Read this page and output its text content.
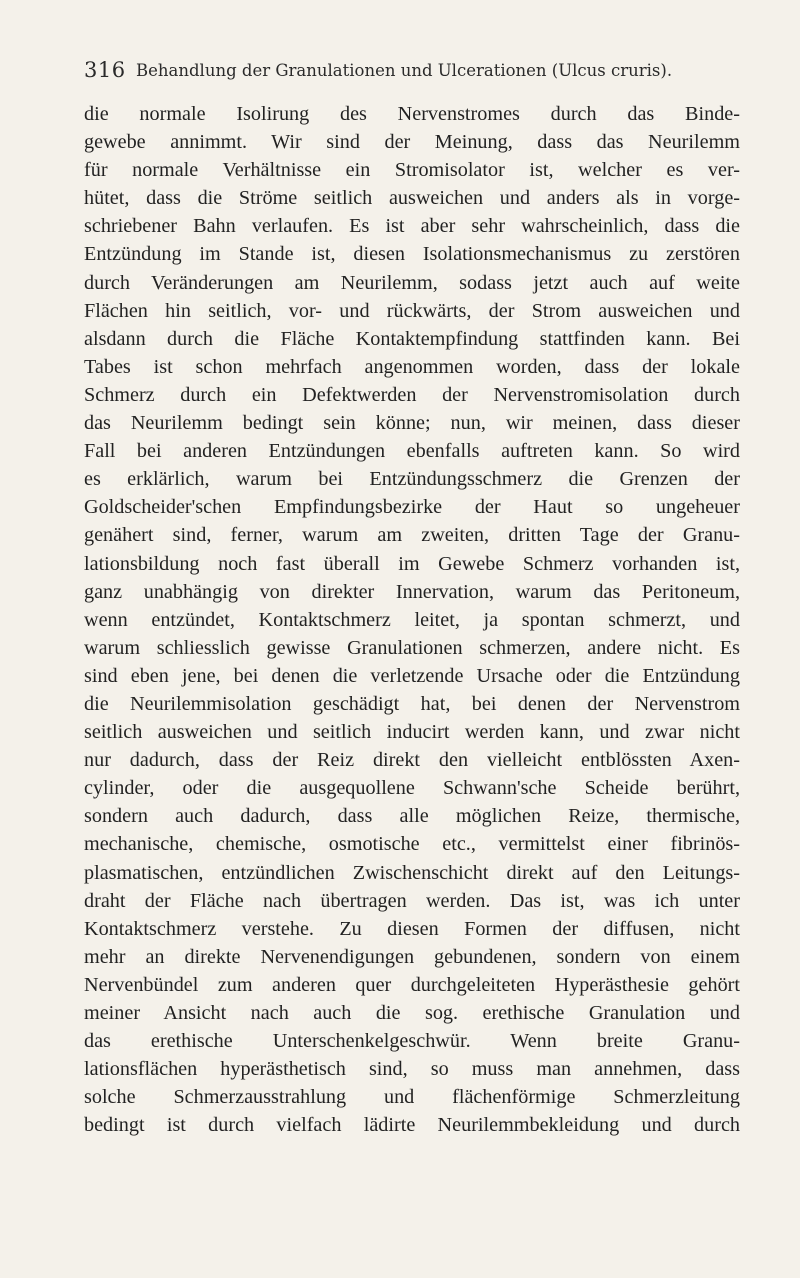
316 Behandlung der Granulationen und Ulcerationen (Ulcus cruris).
die normale Isolirung des Nervenstromes durch das Binde-
gewebe annimmt. Wir sind der Meinung, dass das Neurilemm
für normale Verhältnisse ein Stromisolator ist, welcher es ver-
hütet, dass die Ströme seitlich ausweichen und anders als in vorge-
schriebener Bahn verlaufen. Es ist aber sehr wahrscheinlich, dass die
Entzündung im Stande ist, diesen Isolationsmechanismus zu zerstören
durch Veränderungen am Neurilemm, sodass jetzt auch auf weite
Flächen hin seitlich, vor- und rückwärts, der Strom ausweichen und
alsdann durch die Fläche Kontaktempfindung stattfinden kann. Bei
Tabes ist schon mehrfach angenommen worden, dass der lokale
Schmerz durch ein Defektwerden der Nervenstromisolation durch
das Neurilemm bedingt sein könne; nun, wir meinen, dass dieser
Fall bei anderen Entzündungen ebenfalls auftreten kann. So wird
es erklärlich, warum bei Entzündungsschmerz die Grenzen der
Goldscheider'schen Empfindungsbezirke der Haut so ungeheuer
genähert sind, ferner, warum am zweiten, dritten Tage der Granu-
lationsbildung noch fast überall im Gewebe Schmerz vorhanden ist,
ganz unabhängig von direkter Innervation, warum das Peritoneum,
wenn entzündet, Kontaktschmerz leitet, ja spontan schmerzt, und
warum schliesslich gewisse Granulationen schmerzen, andere nicht. Es
sind eben jene, bei denen die verletzende Ursache oder die Entzündung
die Neurilemmisolation geschädigt hat, bei denen der Nervenstrom
seitlich ausweichen und seitlich inducirt werden kann, und zwar nicht
nur dadurch, dass der Reiz direkt den vielleicht entblössten Axen-
cylinder, oder die ausgequollene Schwann'sche Scheide berührt,
sondern auch dadurch, dass alle möglichen Reize, thermische,
mechanische, chemische, osmotische etc., vermittelst einer fibrinös-
plasmatischen, entzündlichen Zwischenschicht direkt auf den Leitungs-
draht der Fläche nach übertragen werden. Das ist, was ich unter
Kontaktschmerz verstehe. Zu diesen Formen der diffusen, nicht
mehr an direkte Nervenendigungen gebundenen, sondern von einem
Nervenbündel zum anderen quer durchgeleiteten Hyperästhesie gehört
meiner Ansicht nach auch die sog. erethische Granulation und
das erethische Unterschenkelgeschwür. Wenn breite Granu-
lationsflächen hyperästhetisch sind, so muss man annehmen, dass
solche Schmerzausstrahlung und flächenförmige Schmerzleitung
bedingt ist durch vielfach lädirte Neurilemmbekleidung und durch
